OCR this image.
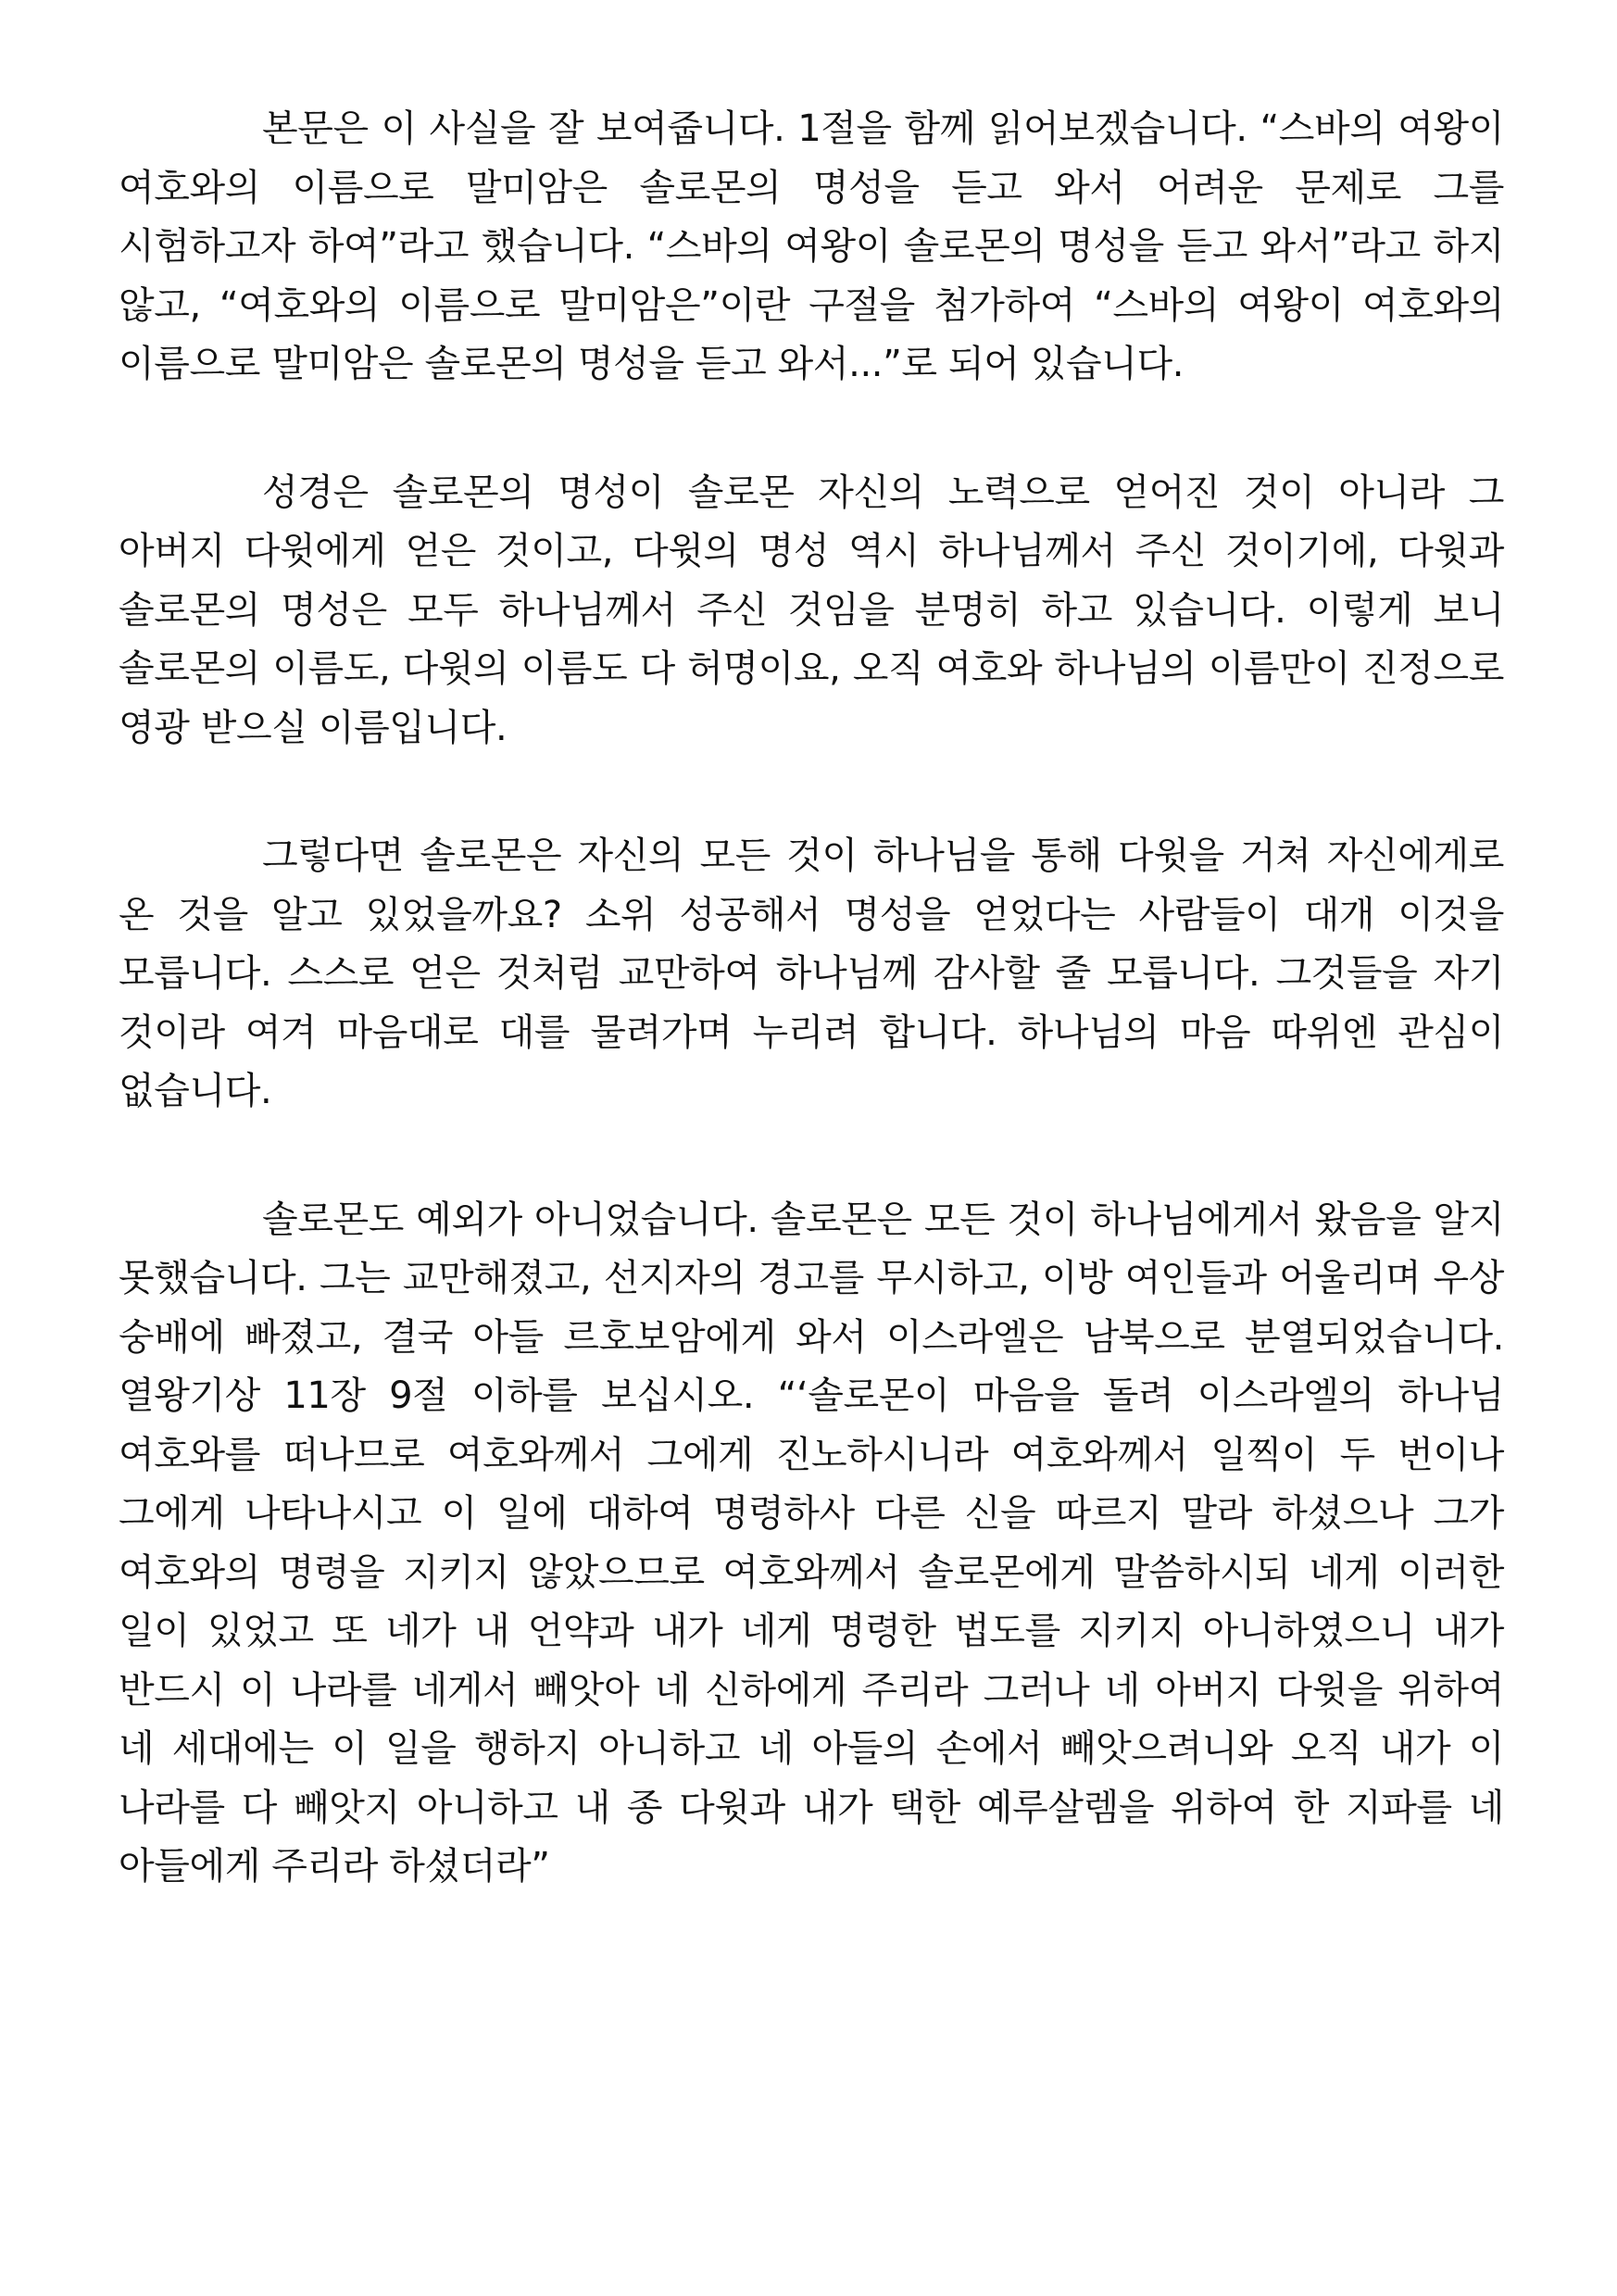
본문은 이 사실을 잘 보여줍니다. 1절을 함께 읽어보겠습니다. “스바의 여왕이 여호와의 이름으로 말미암은 솔로몬의 명성을 듣고 와서 어려운 문제로 그를 시험하고자 하여”라고 했습니다. “스바의 여왕이 솔로몬의 명성을 듣고 와서”라고 하지 않고, “여호와의 이름으로 말미암은”이란 구절을 첨가하여 “스바의 여왕이 여호와의 이름으로 말미암은 솔로몬의 명성을 듣고 와서...”로 되어 있습니다.

성경은 솔로몬의 명성이 솔로몬 자신의 노력으로 얻어진 것이 아니라 그 아버지 다윗에게 얻은 것이고, 다윗의 명성 역시 하나님께서 주신 것이기에, 다윗과 솔로몬의 명성은 모두 하나님께서 주신 것임을 분명히 하고 있습니다. 이렇게 보니 솔로몬의 이름도, 다윗의 이름도 다 허명이요, 오직 여호와 하나님의 이름만이 진정으로 영광 받으실 이름입니다.

그렇다면 솔로몬은 자신의 모든 것이 하나님을 통해 다윗을 거쳐 자신에게로 온 것을 알고 있었을까요? 소위 성공해서 명성을 얻었다는 사람들이 대개 이것을 모릅니다. 스스로 얻은 것처럼 교만하여 하나님께 감사할 줄 모릅니다. 그것들을 자기 것이라 여겨 마음대로 대를 물려가며 누리려 합니다. 하나님의 마음 따위엔 관심이 없습니다.

솔로몬도 예외가 아니었습니다. 솔로몬은 모든 것이 하나님에게서 왔음을 알지 못했습니다. 그는 교만해졌고, 선지자의 경고를 무시하고, 이방 여인들과 어울리며 우상 숭배에 빠졌고, 결국 아들 르호보암에게 와서 이스라엘은 남북으로 분열되었습니다. 열왕기상 11장 9절 이하를 보십시오. “‘솔로몬이 마음을 돌려 이스라엘의 하나님 여호와를 떠나므로 여호와께서 그에게 진노하시니라 여호와께서 일찍이 두 번이나 그에게 나타나시고 이 일에 대하여 명령하사 다른 신을 따르지 말라 하셨으나 그가 여호와의 명령을 지키지 않았으므로 여호와께서 솔로몬에게 말씀하시되 네게 이러한 일이 있었고 또 네가 내 언약과 내가 네게 명령한 법도를 지키지 아니하였으니 내가 반드시 이 나라를 네게서 빼앗아 네 신하에게 주리라 그러나 네 아버지 다윗을 위하여 네 세대에는 이 일을 행하지 아니하고 네 아들의 손에서 빼앗으려니와 오직 내가 이 나라를 다 빼앗지 아니하고 내 종 다윗과 내가 택한 예루살렘을 위하여 한 지파를 네 아들에게 주리라 하셨더라”
